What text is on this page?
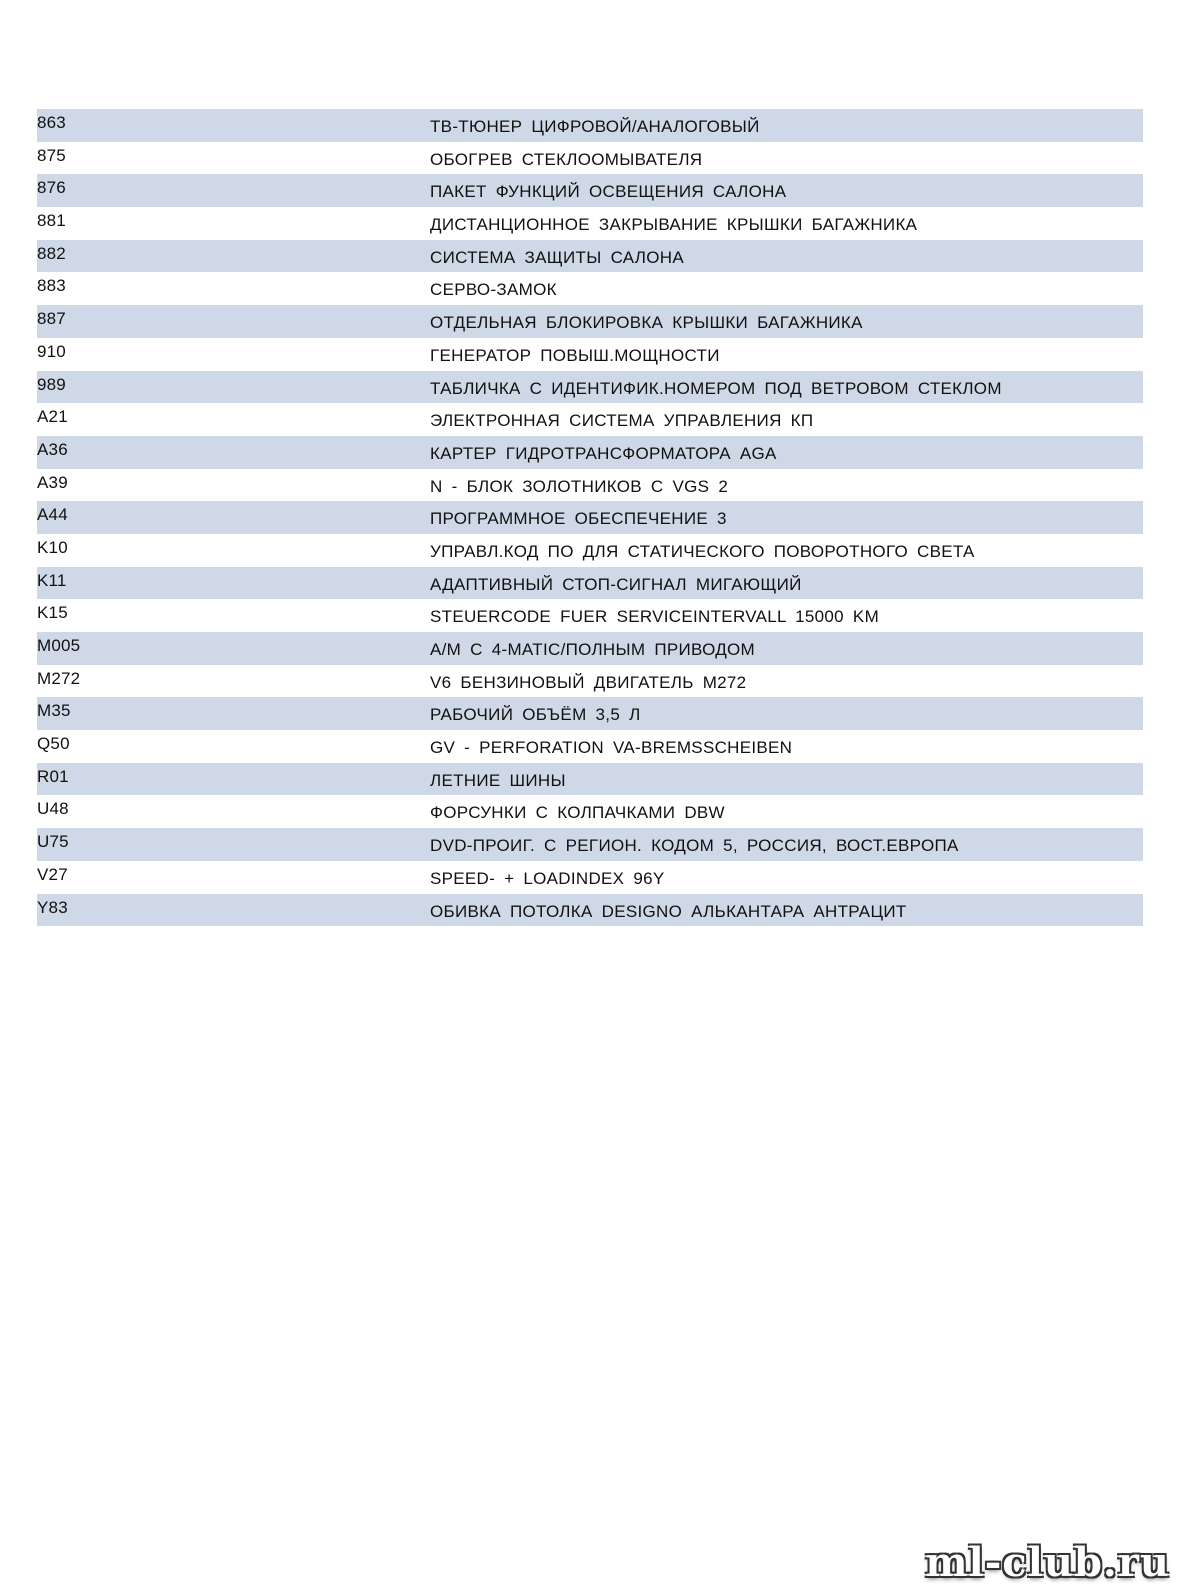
863	ТВ-ТЮНЕР ЦИФРОВОЙ/АНАЛОГОВЫЙ
875	ОБОГРЕВ СТЕКЛООМЫВАТЕЛЯ
876	ПАКЕТ ФУНКЦИЙ ОСВЕЩЕНИЯ САЛОНА
881	ДИСТАНЦИОННОЕ ЗАКРЫВАНИЕ КРЫШКИ БАГАЖНИКА
882	СИСТЕМА ЗАЩИТЫ САЛОНА
883	СЕРВО-ЗАМОК
887	ОТДЕЛЬНАЯ БЛОКИРОВКА КРЫШКИ БАГАЖНИКА
910	ГЕНЕРАТОР ПОВЫШ.МОЩНОСТИ
989	ТАБЛИЧКА С ИДЕНТИФИК.НОМЕРОМ ПОД ВЕТРОВОМ СТЕКЛОМ
A21	ЭЛЕКТРОННАЯ СИСТЕМА УПРАВЛЕНИЯ КП
A36	КАРТЕР ГИДРОТРАНСФОРМАТОРА AGA
A39	N - БЛОК ЗОЛОТНИКОВ С VGS 2
A44	ПРОГРАММНОЕ ОБЕСПЕЧЕНИЕ 3
K10	УПРАВЛ.КОД ПО ДЛЯ СТАТИЧЕСКОГО ПОВОРОТНОГО СВЕТА
K11	АДАПТИВНЫЙ СТОП-СИГНАЛ МИГАЮЩИЙ
K15	STEUERCODE FUER SERVICEINTERVALL 15000 KM
M005	A/M С 4-MATIC/ПОЛНЫМ ПРИВОДОМ
M272	V6 БЕНЗИНОВЫЙ ДВИГАТЕЛЬ M272
M35	РАБОЧИЙ ОБЪЁМ 3,5 Л
Q50	GV - PERFORATION VA-BREMSSCHEIBEN
R01	ЛЕТНИЕ ШИНЫ
U48	ФОРСУНКИ С КОЛПАЧКАМИ DBW
U75	DVD-ПРОИГ. С РЕГИОН. КОДОМ 5, РОССИЯ, ВОСТ.ЕВРОПА
V27	SPEED- + LOADINDEX 96Y
Y83	ОБИВКА ПОТОЛКА DESIGNO АЛЬКАНТАРА АНТРАЦИТ
ml-club.ru
